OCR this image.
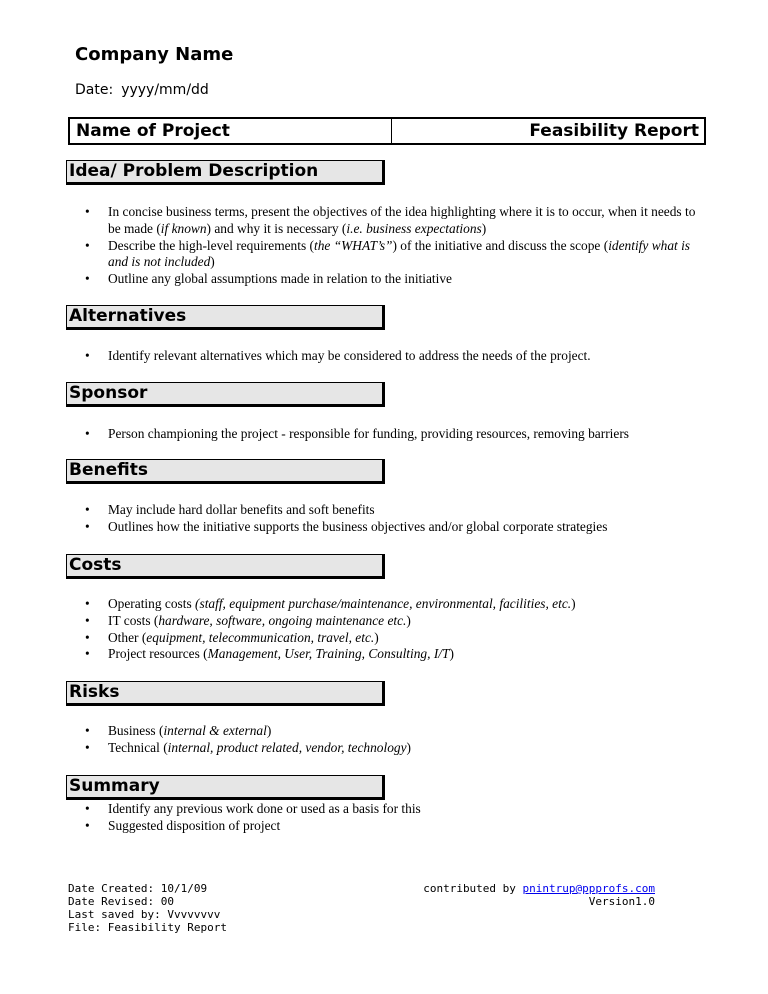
Company Name
Date: yyyy/mm/dd
Name of Project	Feasibility Report
Idea/ Problem Description
• In concise business terms, present the objectives of the idea highlighting where it is to occur, when it needs to be made (if known) and why it is necessary (i.e. business expectations)
• Describe the high-level requirements (the “WHAT’s”) of the initiative and discuss the scope (identify what is and is not included)
• Outline any global assumptions made in relation to the initiative
Alternatives
• Identify relevant alternatives which may be considered to address the needs of the project.
Sponsor
• Person championing the project - responsible for funding, providing resources, removing barriers
Benefits
• May include hard dollar benefits and soft benefits
• Outlines how the initiative supports the business objectives and/or global corporate strategies
Costs
• Operating costs (staff, equipment purchase/maintenance, environmental, facilities, etc.)
• IT costs (hardware, software, ongoing maintenance etc.)
• Other (equipment, telecommunication, travel, etc.)
• Project resources (Management, User, Training, Consulting, I/T)
Risks
• Business (internal & external)
• Technical (internal, product related, vendor, technology)
Summary
• Identify any previous work done or used as a basis for this
• Suggested disposition of project
Date Created: 10/1/09
Date Revised: 00
Last saved by: Vvvvvvvv
File: Feasibility Report
contributed by pnintrup@ppprofs.com
Version1.0
